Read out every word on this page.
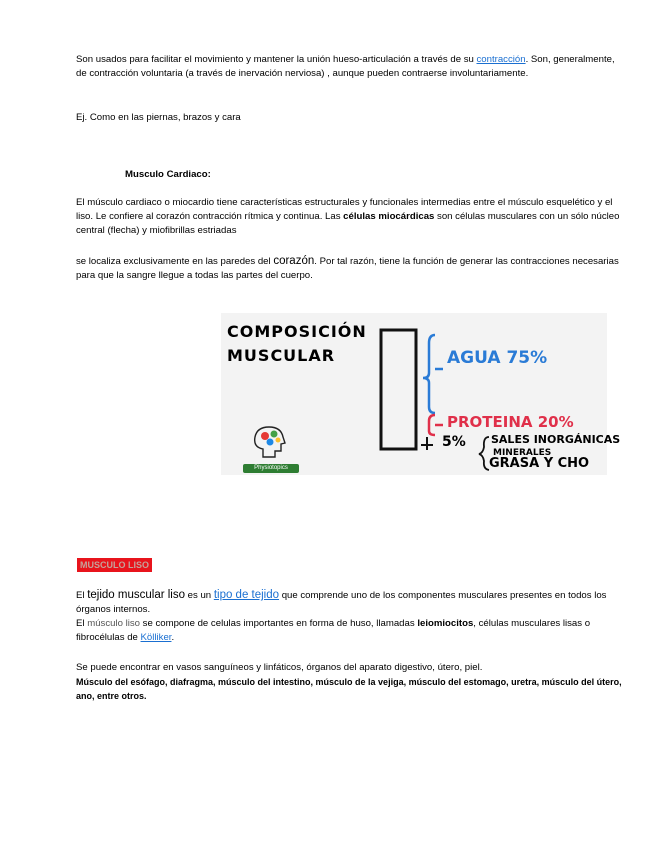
Son usados para facilitar el movimiento y mantener la unión hueso-articulación a través de su contracción. Son, generalmente, de contracción voluntaria (a través de inervación nerviosa) , aunque pueden contraerse involuntariamente.

Ej. Como en las piernas, brazos y cara

Musculo Cardiaco:

El músculo cardiaco o miocardio tiene características estructurales y funcionales intermedias entre el músculo esquelético y el liso. Le confiere al corazón contracción rítmica y continua. Las células miocárdicas son células musculares con un sólo núcleo central (flecha) y miofibrillas estriadas

se localiza exclusivamente en las paredes del corazón. Por tal razón, tiene la función de generar las contracciones necesarias para que la sangre llegue a todas las partes del cuerpo.

COMPOSICIÓN
MUSCULAR	AGUA 75%
PROTEINA 20%
5% SALES INORGÁNICAS
MINERALES
GRASA Y CHO
Physiotopics
MUSCULO LISO

El tejido muscular liso es un tipo de tejido que comprende uno de los componentes musculares presentes en todos los órganos internos.

El músculo liso se compone de celulas importantes en forma de huso, llamadas leiomiocitos, células musculares lisas o fibrocélulas de Kölliker.

Se puede encontrar en vasos sanguíneos y linfáticos, órganos del aparato digestivo, útero, piel.

Músculo del esófago, diafragma, músculo del intestino, músculo de la vejiga, músculo del estomago, uretra, músculo del útero, ano, entre otros.
